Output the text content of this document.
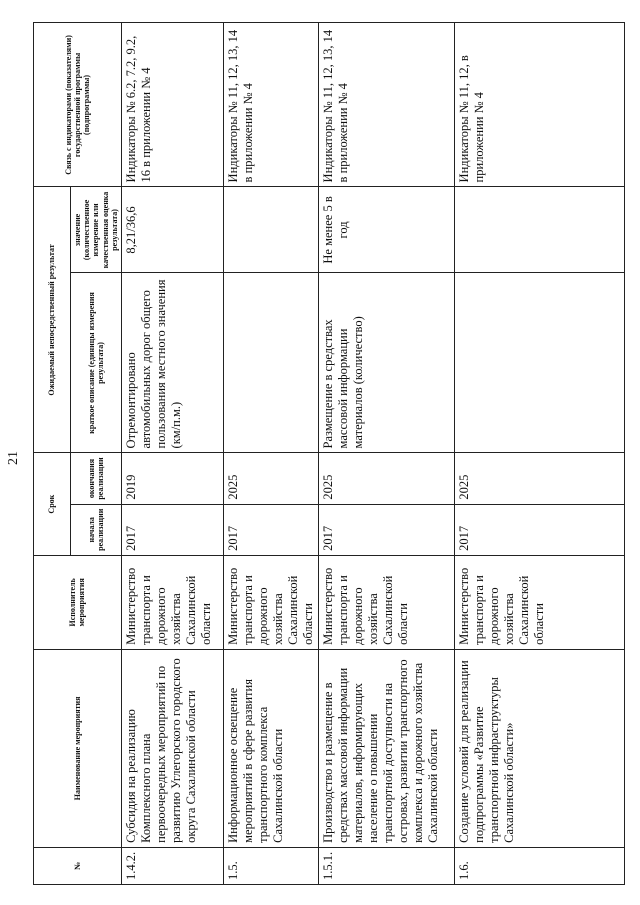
21
№	Наименование мероприятия	Исполнитель мероприятия	Срок		Ожидаемый непосредственный результат		Связь с индикаторами (показателями) государственной программы (подпрограммы)
			начала реализации	окончания реализации	краткое описание (единицы измерения результата)	значение (количественное измерение или качественная оценка результата)	
1.4.2.	Субсидия на реализацию Комплексного плана первоочередных мероприятий по развитию Углегорского городского округа Сахалинской области	Министерство транспорта и дорожного хозяйства Сахалинской области	2017	2019	Отремонтировано автомобильных дорог общего пользования местного значения (км/п.м.)	8,21/36,6	Индикаторы № 6.2, 7.2, 9.2, 16 в приложении № 4
1.5.	Информационное освещение мероприятий в сфере развития транспортного комплекса Сахалинской области	Министерство транспорта и дорожного хозяйства Сахалинской области	2017	2025			Индикаторы № 11, 12, 13, 14 в приложении № 4
1.5.1.	Производство и размещение в средствах массовой информации материалов, информирующих население о повышении транспортной доступности на островах, развитии транспортного комплекса и дорожного хозяйства Сахалинской области	Министерство транспорта и дорожного хозяйства Сахалинской области	2017	2025	Размещение в средствах массовой информации материалов (количество)	Не менее 5 в год	Индикаторы № 11, 12, 13, 14 в приложении № 4
1.6.	Создание условий для реализации подпрограммы «Развитие транспортной инфраструктуры Сахалинской области»	Министерство транспорта и дорожного хозяйства Сахалинской области	2017	2025			Индикаторы № 11, 12, в приложении № 4
